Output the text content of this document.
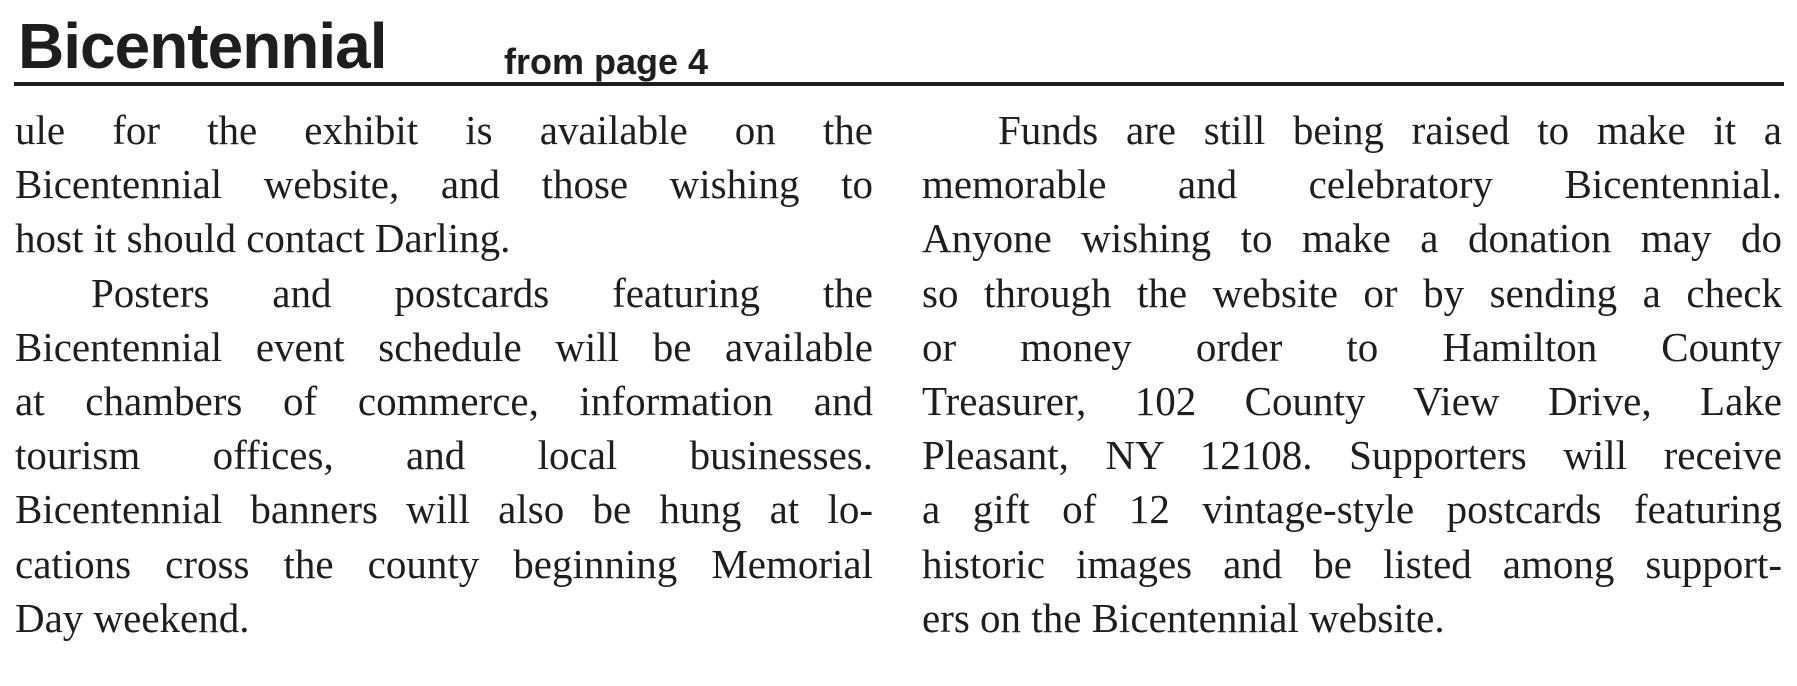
Bicentennial	from page 4
ule for the exhibit is available on the
Bicentennial website, and those wishing to
host it should contact Darling.
Posters and postcards featuring the
Bicentennial event schedule will be available
at chambers of commerce, information and
tourism offices, and local businesses.
Bicentennial banners will also be hung at lo-
cations cross the county beginning Memorial
Day weekend.
Funds are still being raised to make it a
memorable and celebratory Bicentennial.
Anyone wishing to make a donation may do
so through the website or by sending a check
or money order to Hamilton County
Treasurer, 102 County View Drive, Lake
Pleasant, NY 12108. Supporters will receive
a gift of 12 vintage-style postcards featuring
historic images and be listed among support-
ers on the Bicentennial website.
